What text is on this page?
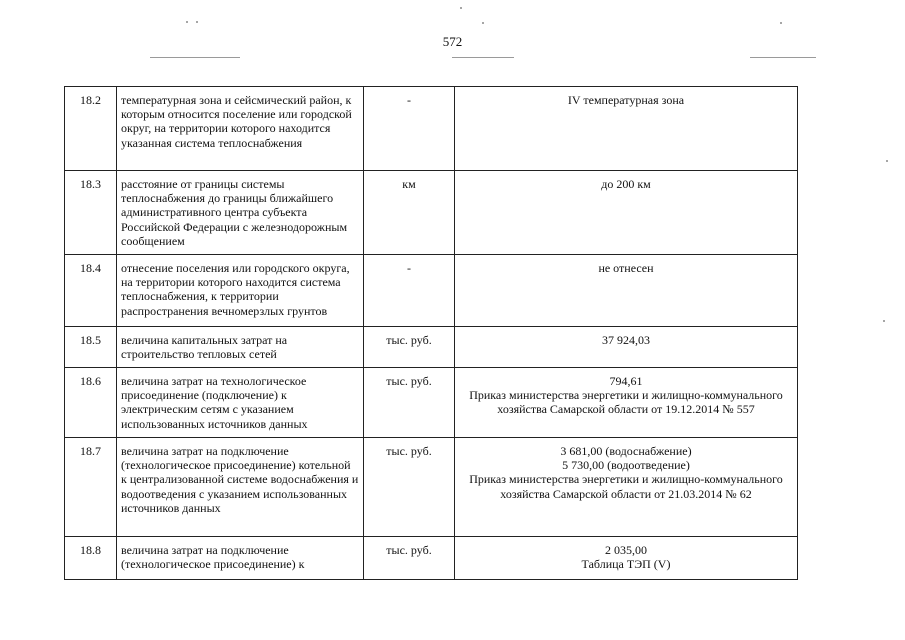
572
18.2	температурная зона и сейсмический район, к которым относится поселение или городской округ, на территории которого находится указанная система теплоснабжения	-	IV температурная зона

18.3	расстояние от границы системы теплоснабжения до границы ближайшего административного центра субъекта Российской Федерации с железнодорожным сообщением	км	до 200 км

18.4	отнесение поселения или городского округа, на территории которого находится система теплоснабжения, к территории распространения вечномерзлых грунтов	-	не отнесен

18.5	величина капитальных затрат на строительство тепловых сетей	тыс. руб.	37 924,03

18.6	величина затрат на технологическое присоединение (подключение) к электрическим сетям с указанием использованных источников данных	тыс. руб.	794,61
Приказ министерства энергетики и жилищно-коммунального хозяйства Самарской области от 19.12.2014 № 557

18.7	величина затрат на подключение (технологическое присоединение) котельной к централизованной системе водоснабжения и водоотведения с указанием использованных источников данных	тыс. руб.	3 681,00 (водоснабжение)
5 730,00 (водоотведение)
Приказ министерства энергетики и жилищно-коммунального хозяйства Самарской области от 21.03.2014 № 62

18.8	величина затрат на подключение (технологическое присоединение) к	тыс. руб.	2 035,00
Таблица ТЭП (V)
